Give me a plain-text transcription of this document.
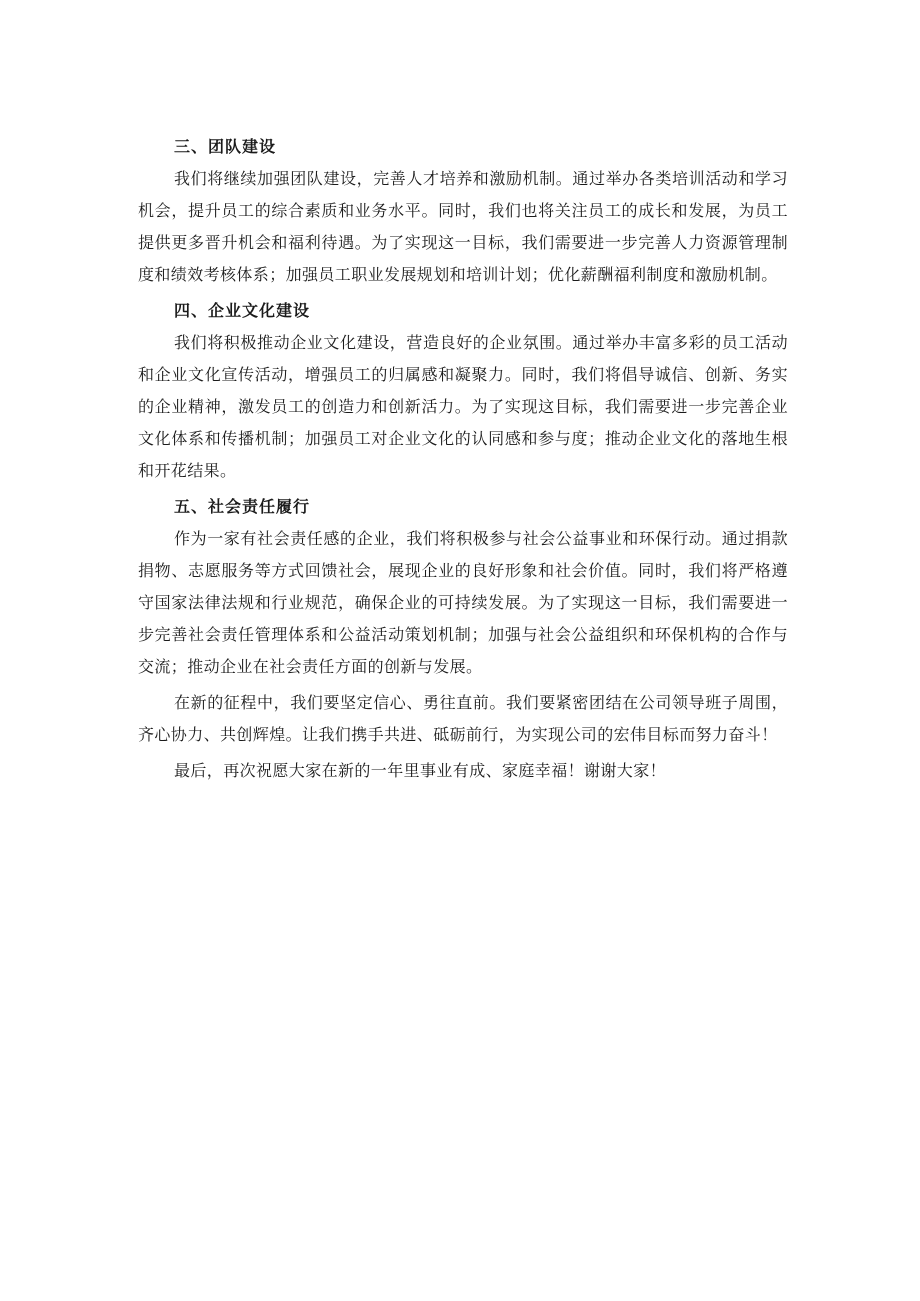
三、团队建设

我们将继续加强团队建设，完善人才培养和激励机制。通过举办各类培训活动和学习机会，提升员工的综合素质和业务水平。同时，我们也将关注员工的成长和发展，为员工提供更多晋升机会和福利待遇。为了实现这一目标，我们需要进一步完善人力资源管理制度和绩效考核体系；加强员工职业发展规划和培训计划；优化薪酬福利制度和激励机制。

四、企业文化建设

我们将积极推动企业文化建设，营造良好的企业氛围。通过举办丰富多彩的员工活动和企业文化宣传活动，增强员工的归属感和凝聚力。同时，我们将倡导诚信、创新、务实的企业精神，激发员工的创造力和创新活力。为了实现这目标，我们需要进一步完善企业文化体系和传播机制；加强员工对企业文化的认同感和参与度；推动企业文化的落地生根和开花结果。

五、社会责任履行

作为一家有社会责任感的企业，我们将积极参与社会公益事业和环保行动。通过捐款捐物、志愿服务等方式回馈社会，展现企业的良好形象和社会价值。同时，我们将严格遵守国家法律法规和行业规范，确保企业的可持续发展。为了实现这一目标，我们需要进一步完善社会责任管理体系和公益活动策划机制；加强与社会公益组织和环保机构的合作与交流；推动企业在社会责任方面的创新与发展。

在新的征程中，我们要坚定信心、勇往直前。我们要紧密团结在公司领导班子周围，齐心协力、共创辉煌。让我们携手共进、砥砺前行，为实现公司的宏伟目标而努力奋斗！

最后，再次祝愿大家在新的一年里事业有成、家庭幸福！谢谢大家！
